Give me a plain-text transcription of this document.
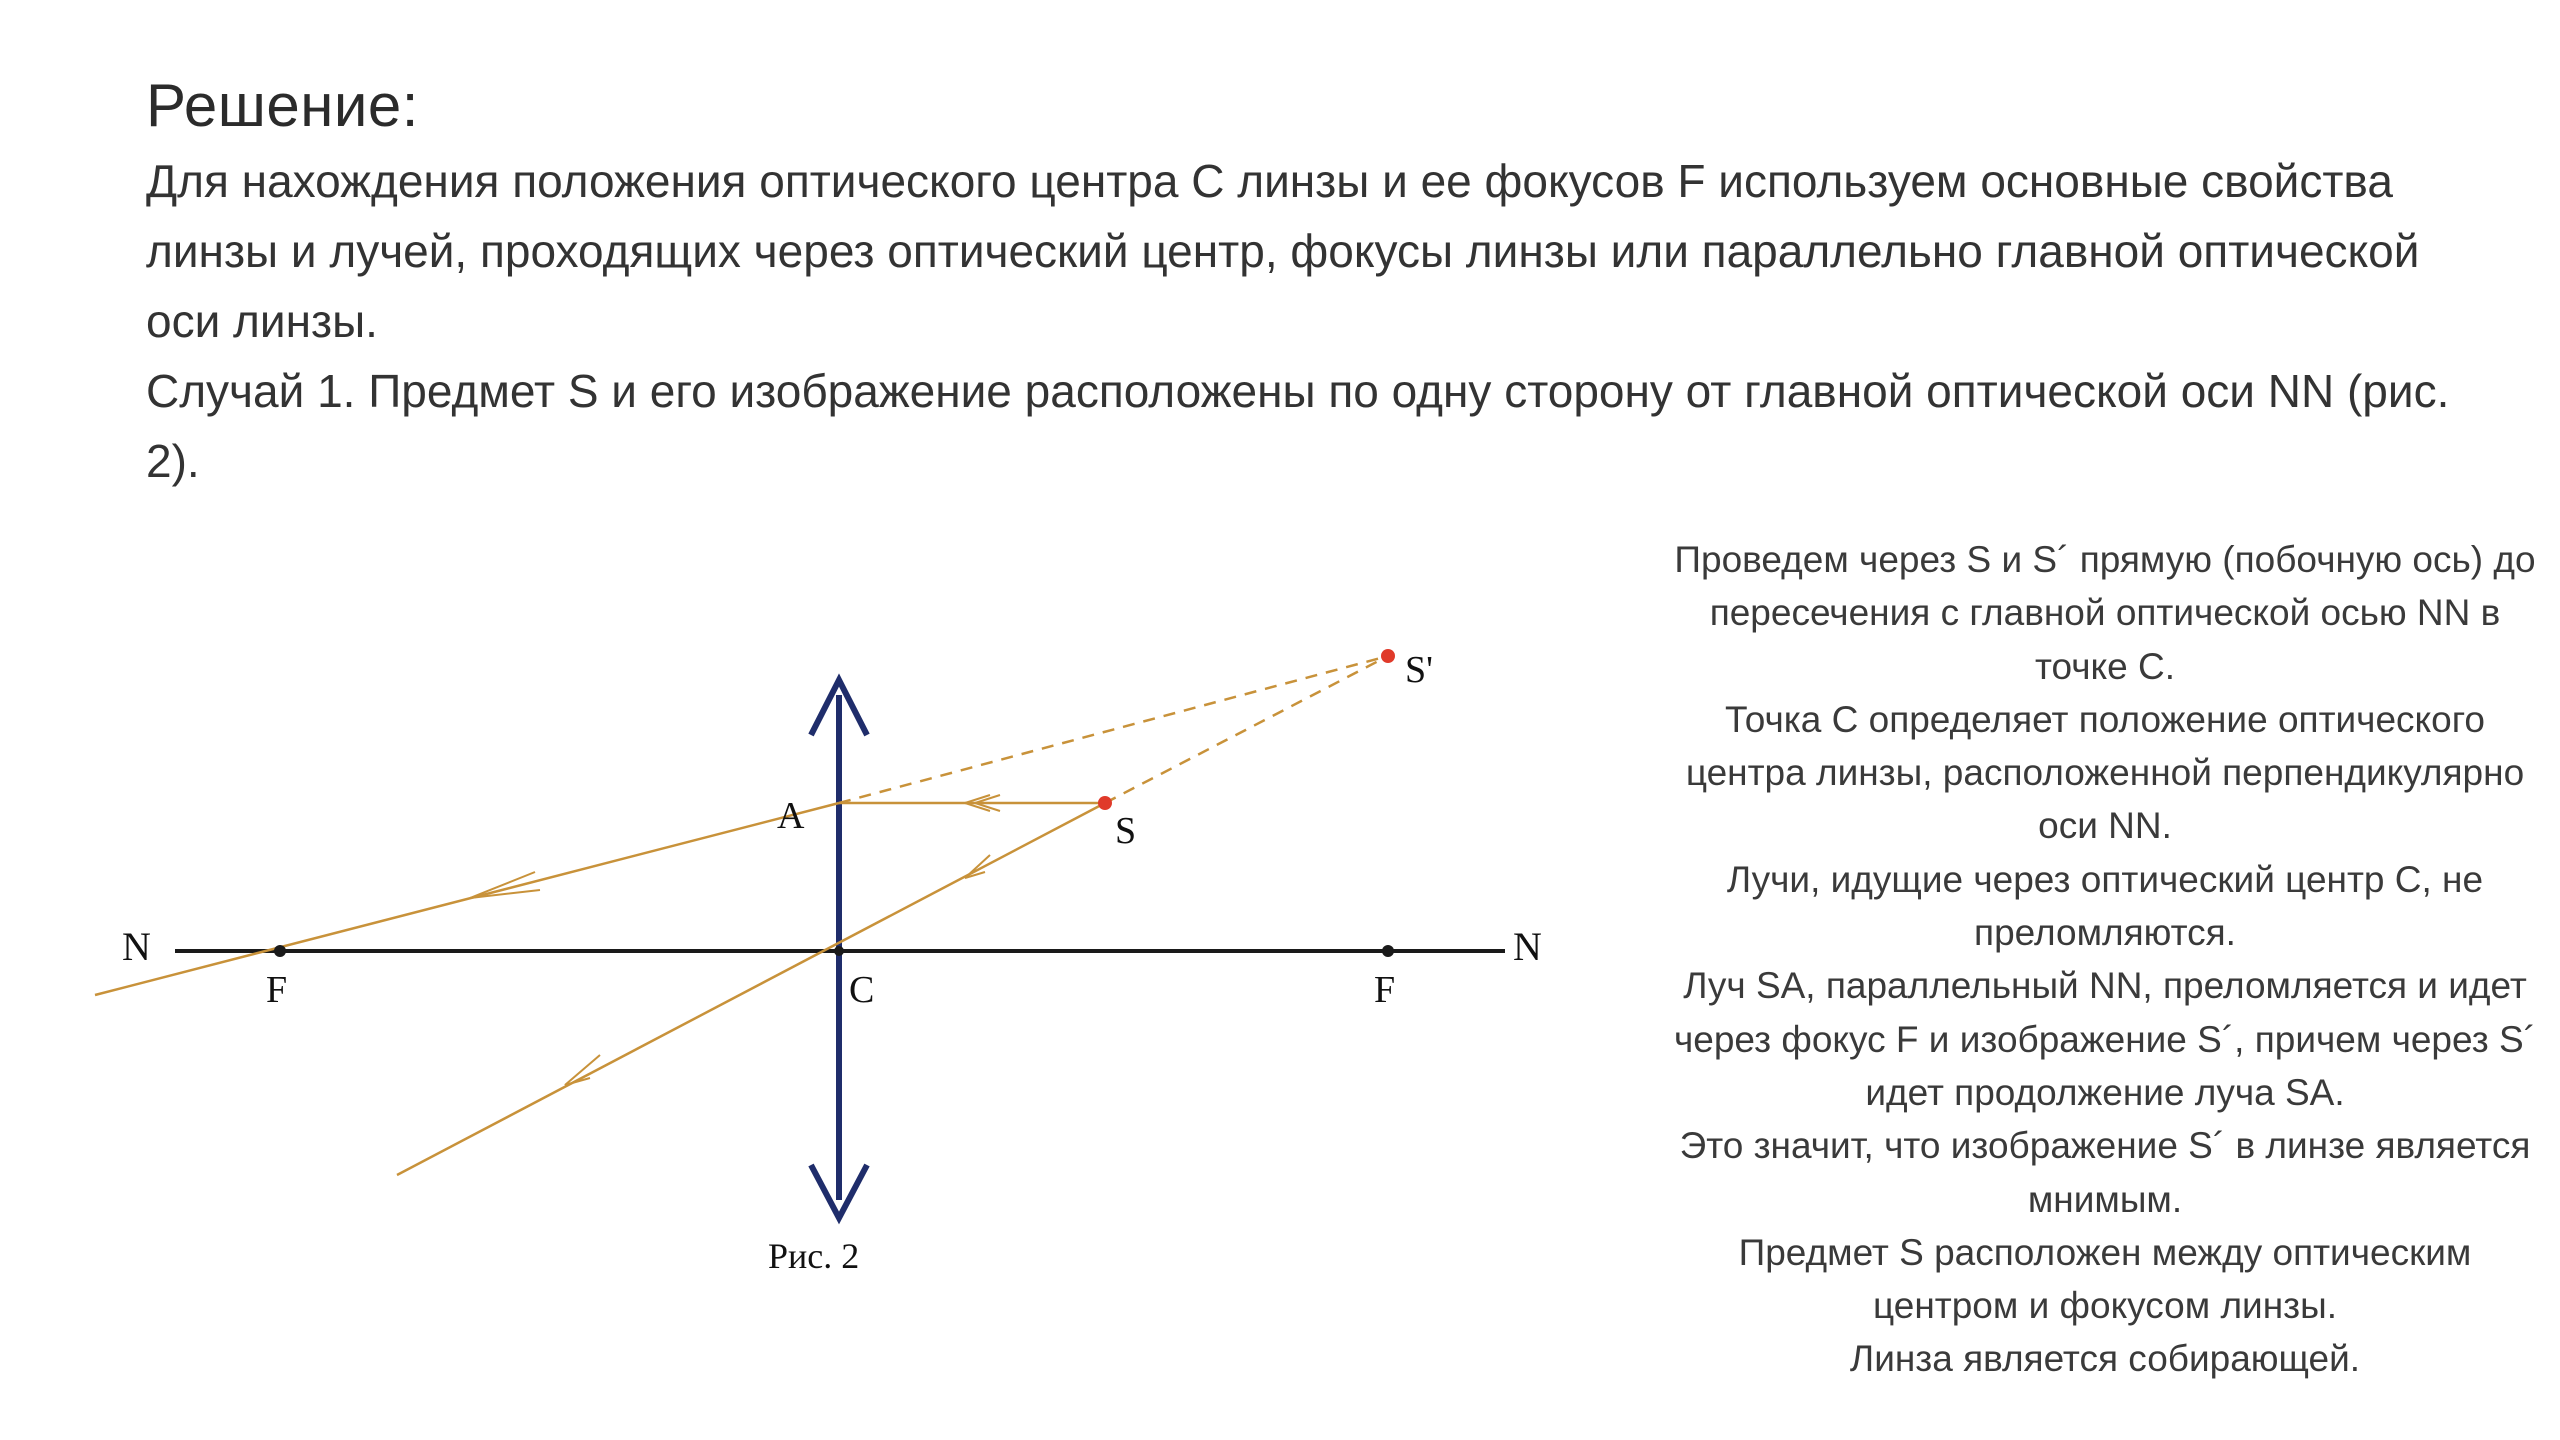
Решение:

Для нахождения положения оптического центра С линзы и ее фокусов F используем основные свойства линзы и лучей, проходящих через оптический центр, фокусы линзы или параллельно главной оптической оси линзы.

Случай 1. Предмет S и его изображение расположены по одну сторону от главной оптической оси NN (рис. 2).

N	N
F	F
C
A	S
S'
Рис. 2

Проведем через S и S´ прямую (побочную ось) до пересечения с главной оптической осью NN в точке С.

Точка С определяет положение оптического центра линзы, расположенной перпендикулярно оси NN.

Лучи, идущие через оптический центр С, не преломляются.

Луч SA, параллельный NN, преломляется и идет через фокус F и изображение S´, причем через S´ идет продолжение луча SA.

Это значит, что изображение S´ в линзе является мнимым.

Предмет S расположен между оптическим центром и фокусом линзы.

Линза является собирающей.
